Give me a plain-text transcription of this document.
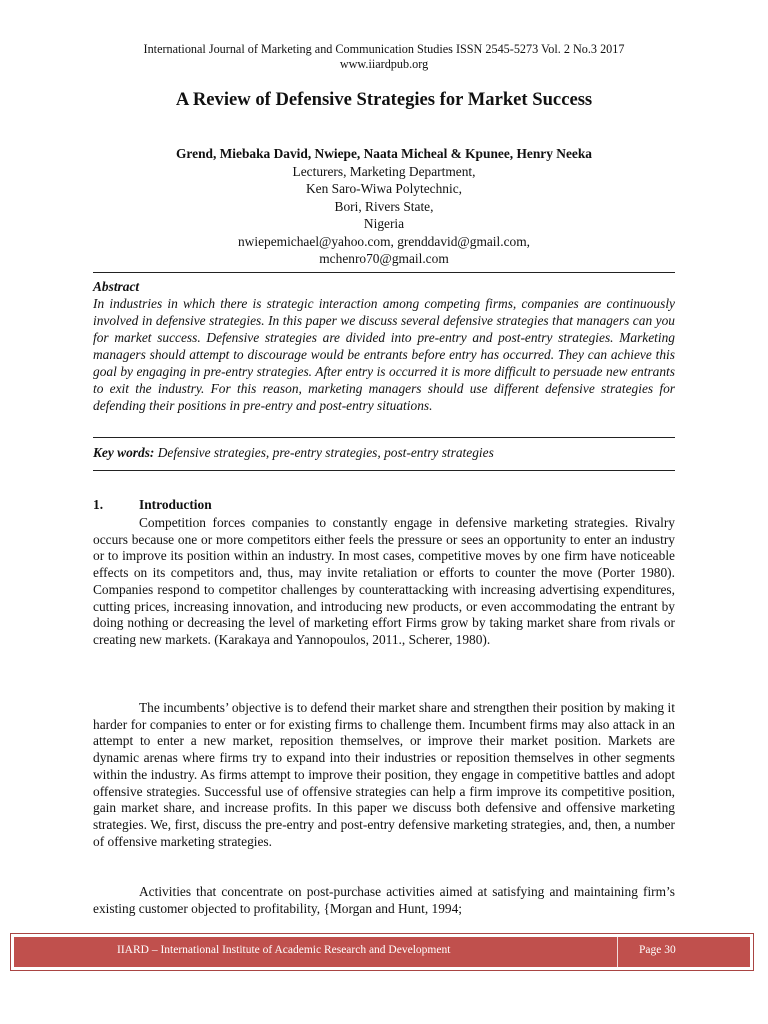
International Journal of Marketing and Communication Studies ISSN 2545-5273 Vol. 2 No.3 2017
www.iiardpub.org
A Review of Defensive Strategies for Market Success
Grend, Miebaka David, Nwiepe, Naata Micheal & Kpunee, Henry Neeka
Lecturers, Marketing Department,
Ken Saro-Wiwa Polytechnic,
Bori, Rivers State,
Nigeria
nwiepemichael@yahoo.com, grenddavid@gmail.com,
mchenro70@gmail.com
Abstract
In industries in which there is strategic interaction among competing firms, companies are continuously involved in defensive strategies. In this paper we discuss several defensive strategies that managers can you for market success. Defensive strategies are divided into pre-entry and post-entry strategies. Marketing managers should attempt to discourage would be entrants before entry has occurred. They can achieve this goal by engaging in pre-entry strategies. After entry is occurred it is more difficult to persuade new entrants to exit the industry. For this reason, marketing managers should use different defensive strategies for defending their positions in pre-entry and post-entry situations.
Key words: Defensive strategies, pre-entry strategies, post-entry strategies
1.	Introduction
Competition forces companies to constantly engage in defensive marketing strategies. Rivalry occurs because one or more competitors either feels the pressure or sees an opportunity to enter an industry or to improve its position within an industry. In most cases, competitive moves by one firm have noticeable effects on its competitors and, thus, may invite retaliation or efforts to counter the move (Porter 1980). Companies respond to competitor challenges by counterattacking with increasing advertising expenditures, cutting prices, increasing innovation, and introducing new products, or even accommodating the entrant by doing nothing or decreasing the level of marketing effort Firms grow by taking market share from rivals or creating new markets. (Karakaya and Yannopoulos, 2011., Scherer, 1980).
The incumbents’ objective is to defend their market share and strengthen their position by making it harder for companies to enter or for existing firms to challenge them. Incumbent firms may also attack in an attempt to enter a new market, reposition themselves, or improve their market position. Markets are dynamic arenas where firms try to expand into their industries or reposition themselves in other segments within the industry. As firms attempt to improve their position, they engage in competitive battles and adopt offensive strategies. Successful use of offensive strategies can help a firm improve its competitive position, gain market share, and increase profits. In this paper we discuss both defensive and offensive marketing strategies. We, first, discuss the pre-entry and post-entry defensive marketing strategies, and, then, a number of offensive marketing strategies.
Activities that concentrate on post-purchase activities aimed at satisfying and maintaining firm’s existing customer objected to profitability, {Morgan and Hunt, 1994;
IIARD – International Institute of Academic Research and Development	Page 30
